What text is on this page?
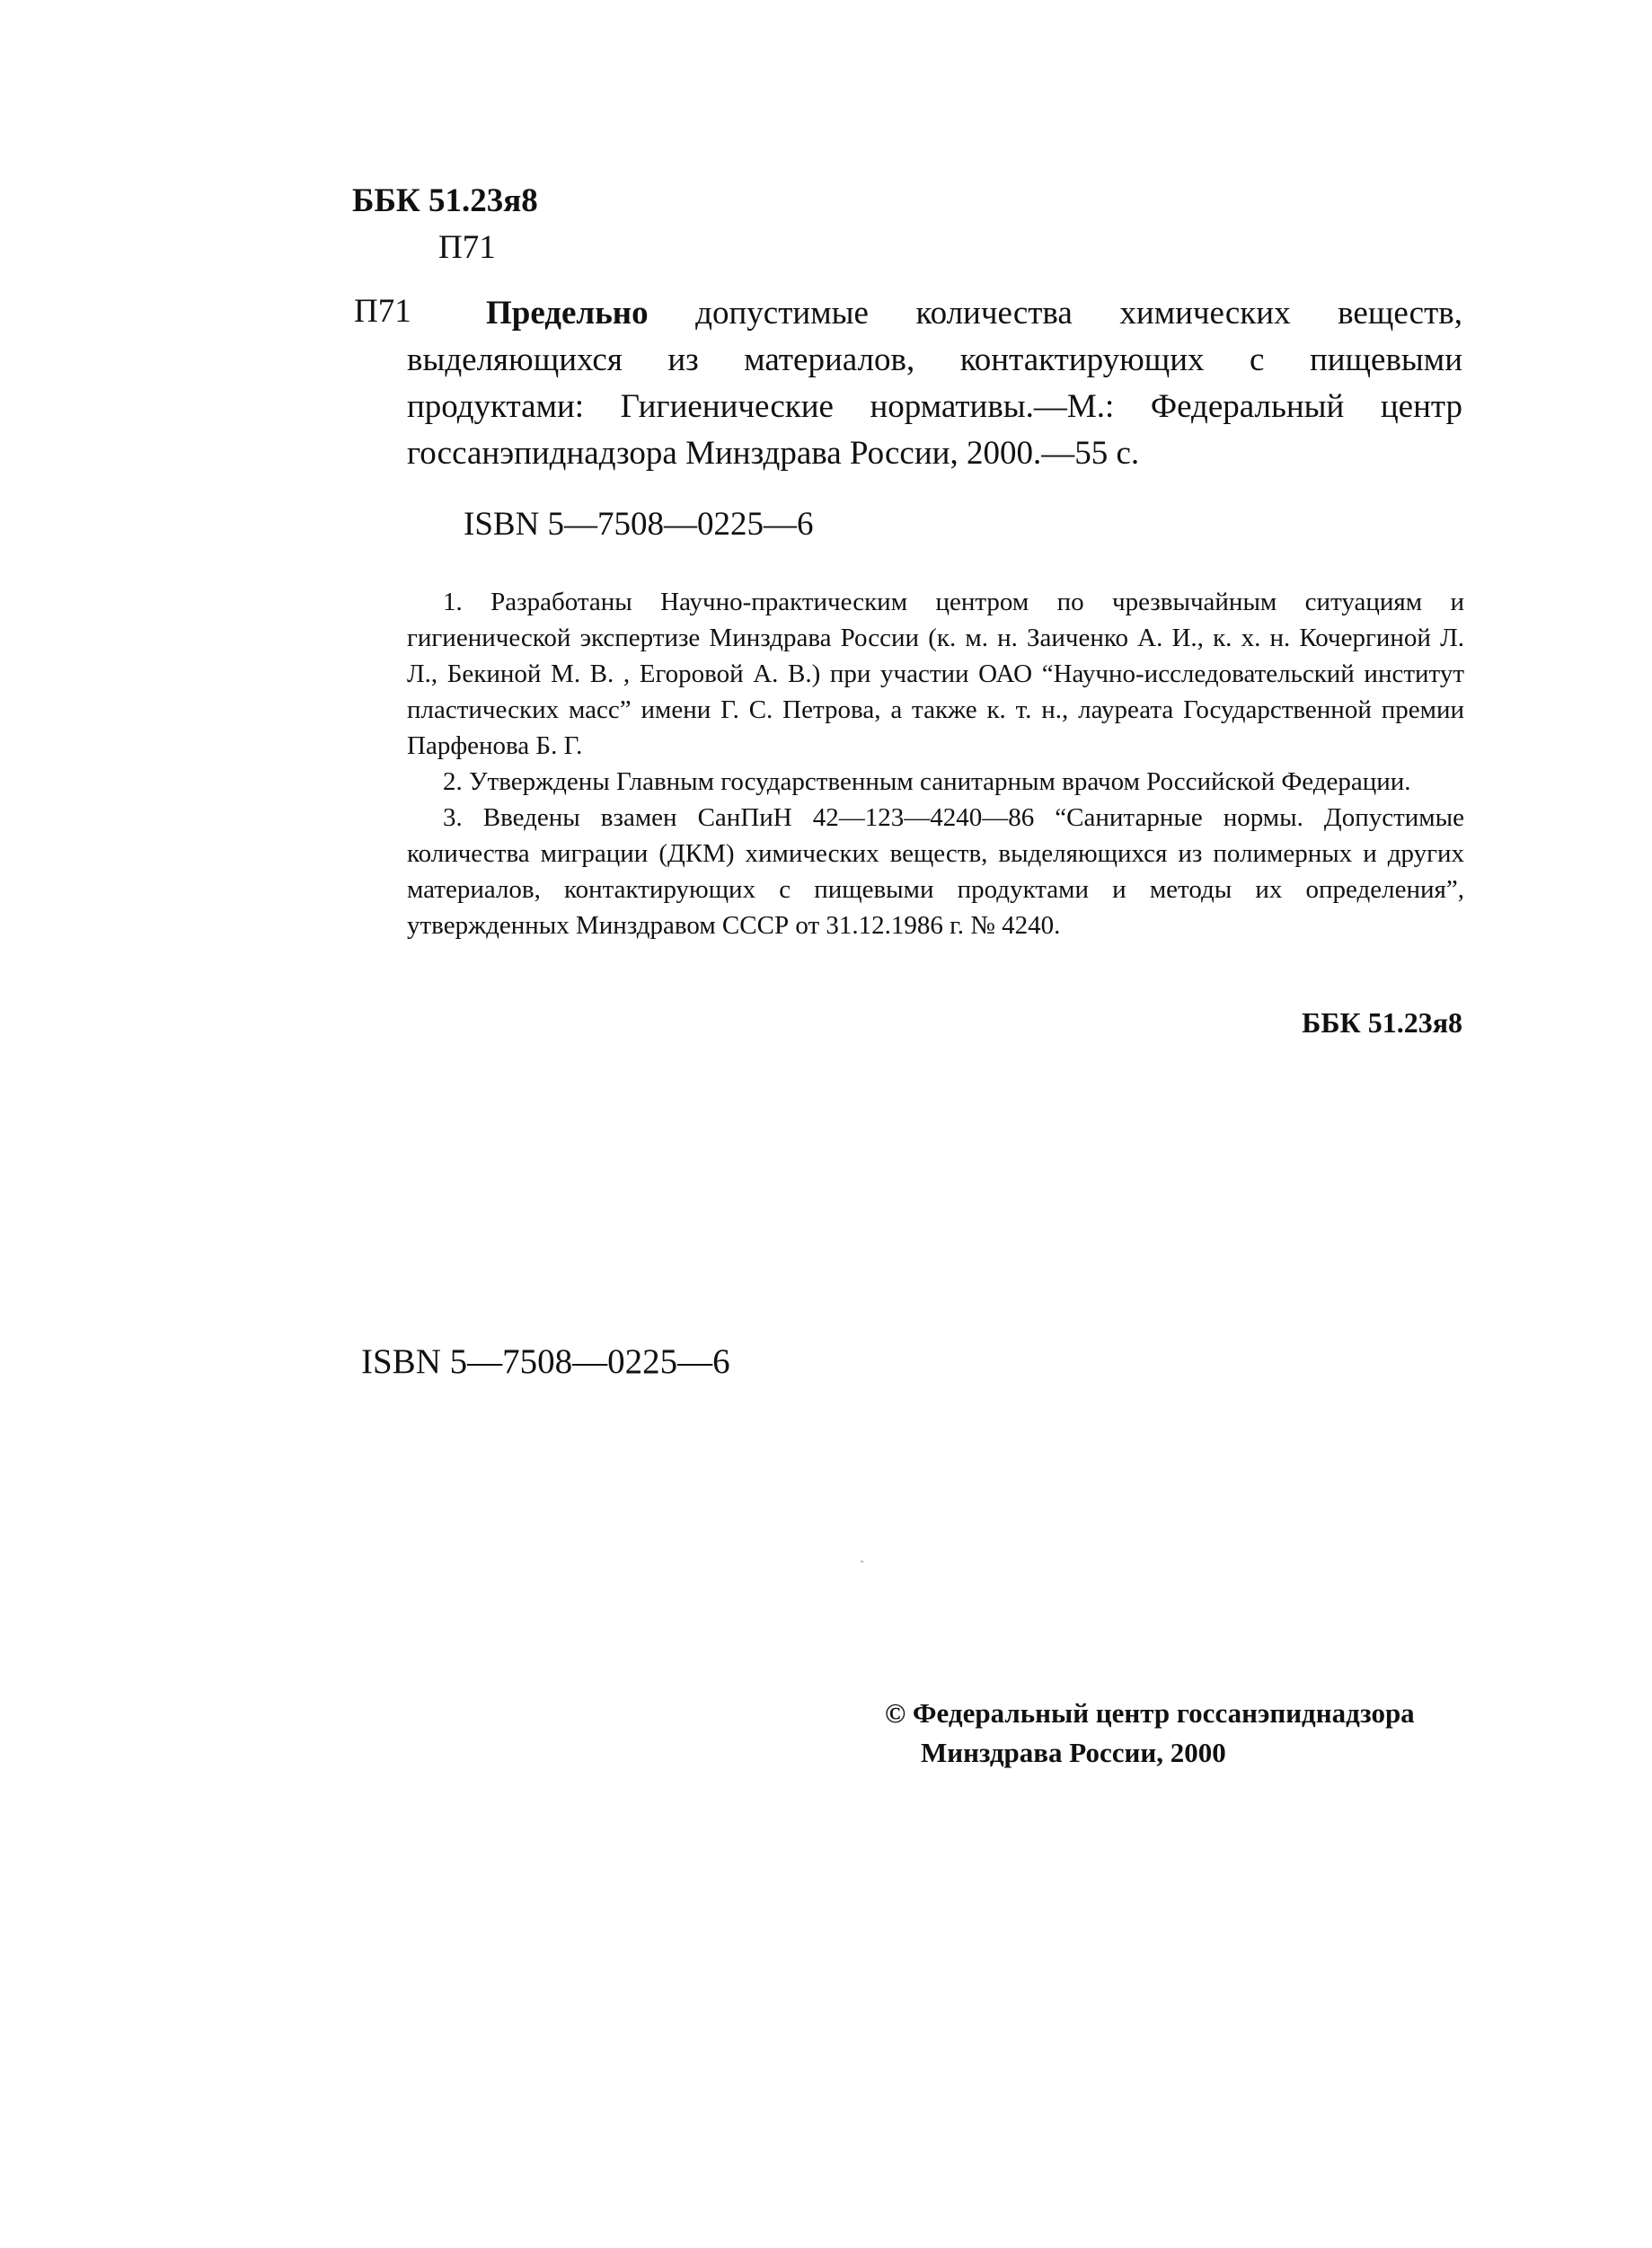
ББК 51.23я8
П71
П71	Предельно допустимые количества химических веществ, выделяющихся из материалов, контактирующих с пищевыми продуктами: Гигиенические нормативы.—М.: Федеральный центр госсанэпиднадзора Минздрава России, 2000.—55 с.

ISBN 5—7508—0225—6

1. Разработаны Научно-практическим центром по чрезвычайным ситуациям и гигиенической экспертизе Минздрава России (к. м. н. Заиченко А. И., к. х. н. Кочергиной Л. Л., Бекиной М. В. , Егоровой А. В.) при участии ОАО “Научно-исследовательский институт пластических масс” имени Г. С. Петрова, а также к. т. н., лауреата Государственной премии Парфенова Б. Г.

2. Утверждены Главным государственным санитарным врачом Российской Федерации.

3. Введены взамен СанПиН 42—123—4240—86 “Санитарные нормы. Допустимые количества миграции (ДКМ) химических веществ, выделяющихся из полимерных и других материалов, контактирующих с пищевыми продуктами и методы их определения”, утвержденных Минздравом СССР от 31.12.1986 г. № 4240.

ББК 51.23я8
ISBN 5—7508—0225—6
© Федеральный центр госсанэпиднадзора
Минздрава России, 2000
